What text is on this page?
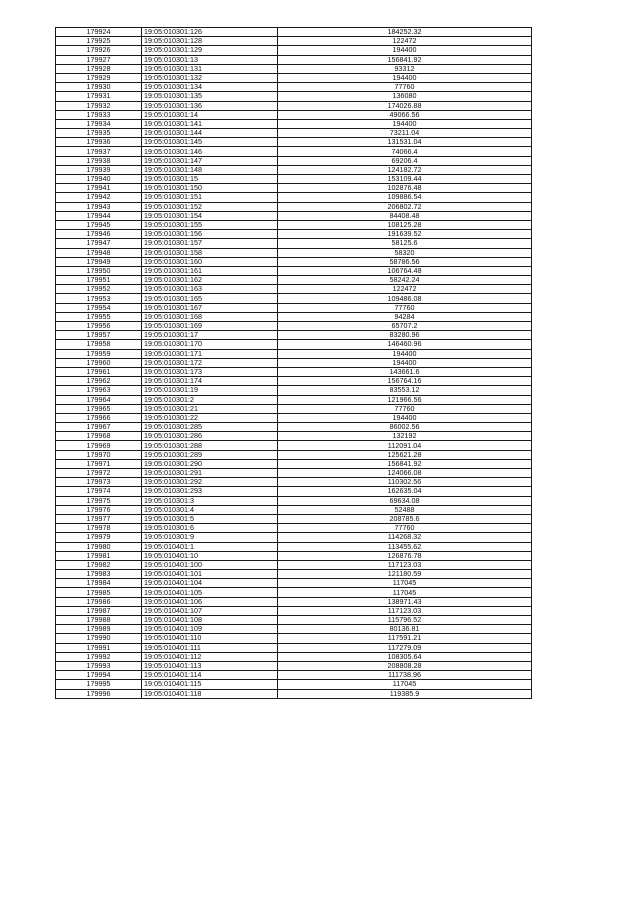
179924	19:05:010301:126	184252.32
179925	19:05:010301:128	122472
179926	19:05:010301:129	194400
179927	19:05:010301:13	156841.92
179928	19:05:010301:131	93312
179929	19:05:010301:132	194400
179930	19:05:010301:134	77760
179931	19:05:010301:135	136080
179932	19:05:010301:136	174026.88
179933	19:05:010301:14	49066.56
179934	19:05:010301:141	194400
179935	19:05:010301:144	73211.04
179936	19:05:010301:145	131531.04
179937	19:05:010301:146	74066.4
179938	19:05:010301:147	69206.4
179939	19:05:010301:148	124182.72
179940	19:05:010301:15	153109.44
179941	19:05:010301:150	102876.48
179942	19:05:010301:151	109886.54
179943	19:05:010301:152	206802.72
179944	19:05:010301:154	84408.48
179945	19:05:010301:155	108125.28
179946	19:05:010301:156	191639.52
179947	19:05:010301:157	58125.6
179948	19:05:010301:158	58320
179949	19:05:010301:160	58786.56
179950	19:05:010301:161	106764.48
179951	19:05:010301:162	58242.24
179952	19:05:010301:163	122472
179953	19:05:010301:165	109486.08
179954	19:05:010301:167	77760
179955	19:05:010301:168	94284
179956	19:05:010301:169	65707.2
179957	19:05:010301:17	83280.96
179958	19:05:010301:170	146460.96
179959	19:05:010301:171	194400
179960	19:05:010301:172	194400
179961	19:05:010301:173	143661.6
179962	19:05:010301:174	156764.16
179963	19:05:010301:19	83553.12
179964	19:05:010301:2	121966.56
179965	19:05:010301:21	77760
179966	19:05:010301:22	194400
179967	19:05:010301:285	86002.56
179968	19:05:010301:286	132192
179969	19:05:010301:288	112091.04
179970	19:05:010301:289	125621.28
179971	19:05:010301:290	156841.92
179972	19:05:010301:291	124066.08
179973	19:05:010301:292	110302.56
179974	19:05:010301:293	162635.04
179975	19:05:010301:3	69634.08
179976	19:05:010301:4	52488
179977	19:05:010301:5	208785.6
179978	19:05:010301:6	77760
179979	19:05:010301:9	114268.32
179980	19:05:010401:1	113455.62
179981	19:05:010401:10	126876.78
179982	19:05:010401:100	117123.03
179983	19:05:010401:101	121180.59
179984	19:05:010401:104	117045
179985	19:05:010401:105	117045
179986	19:05:010401:106	138971.43
179987	19:05:010401:107	117123.03
179988	19:05:010401:108	115796.52
179989	19:05:010401:109	80136.81
179990	19:05:010401:110	117591.21
179991	19:05:010401:111	117279.09
179992	19:05:010401:112	108305.64
179993	19:05:010401:113	208808.28
179994	19:05:010401:114	111738.96
179995	19:05:010401:115	117045
179996	19:05:010401:118	119385.9
